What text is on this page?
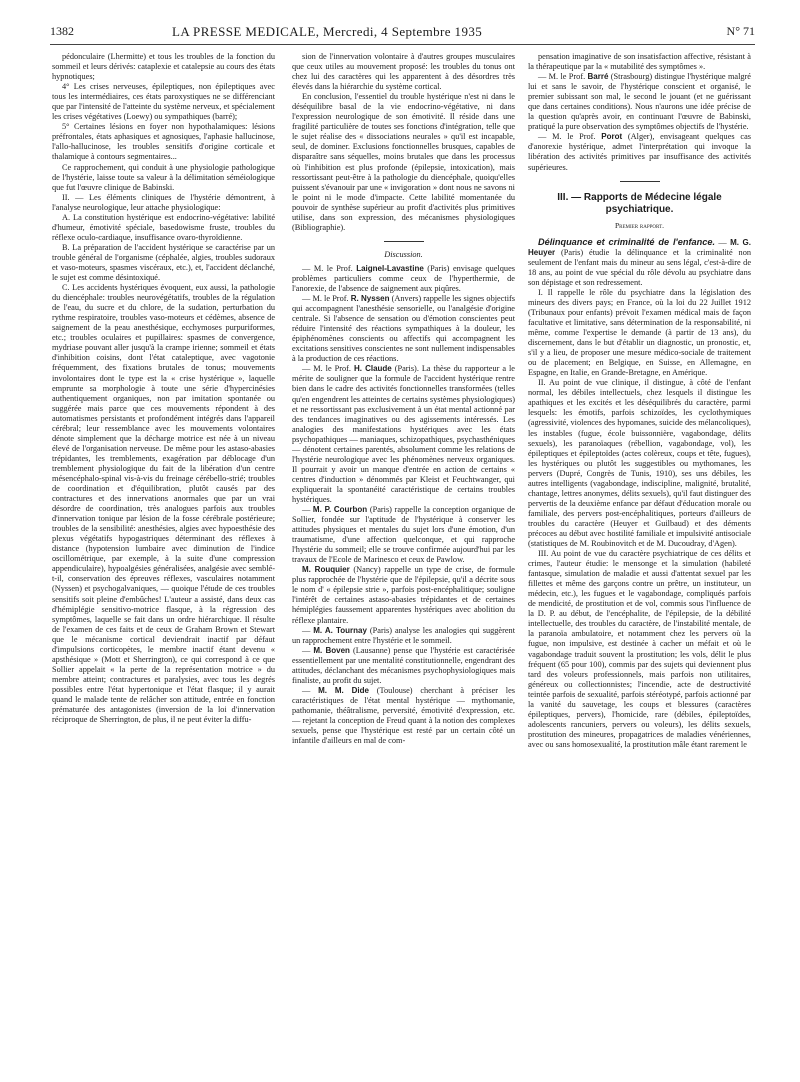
1382	LA PRESSE MEDICALE, Mercredi, 4 Septembre 1935	N° 71

pédonculaire (Lhermitte) et tous les troubles de la fonction du sommeil et leurs dérivés: cataplexie et catalepsie au cours des états hypnotiques;

4° Les crises nerveuses, épileptiques, non épileptiques avec tous les intermédiaires, ces états paroxystiques ne se différenciant que par l'intensité de l'atteinte du système nerveux, et spécialement les crises végétatives (Loewy) ou sympathiques (barré);

5° Certaines lésions en foyer non hypothalamiques: lésions préfrontales, états aphasiques et agnosiques, l'aphasie hallucinose, l'allo-hallucinose, les troubles sensitifs d'origine corticale et thalamique à contours segmentaires...

Ce rapprochement, qui conduit à une physiologie pathologique de l'hystérie, laisse toute sa valeur à la délimitation séméiologique que fut l'œuvre clinique de Babinski.

II. — Les éléments cliniques de l'hystérie démontrent, à l'analyse neurologique, leur attache physiologique:

A. La constitution hystérique est endocrino-végétative: labilité d'humeur, émotivité spéciale, basedowisme fruste, troubles du réflexe oculo-cardiaque, insuffisance ovaro-thyroïdienne.

B. La préparation de l'accident hystérique se caractérise par un trouble général de l'organisme (céphalée, algies, troubles sudoraux et vaso-moteurs, spasmes viscéraux, etc.), et, l'accident déclanché, le sujet est comme désintoxiqué.

C. Les accidents hystériques évoquent, eux aussi, la pathologie du diencéphale: troubles neurovégétatifs, troubles de la régulation de l'eau, du sucre et du chlore, de la sudation, perturbation du rythme respiratoire, troubles vaso-moteurs et cédèmes, absence de saignement de la peau anesthésique, ecchymoses purpuriformes, etc.; troubles oculaires et pupillaires: spasmes de convergence, mydriase pouvant aller jusqu'à la crampe irienne; sommeil et états d'inhibition coisins, dont l'état cataleptique, avec vagotonie fréquemment, des fixations brutales de tonus; mouvements involontaires dont le type est la « crise hystérique », laquelle emprunte sa morphologie à toute une série d'hypercinésies authentiquement organiques, non par imitation spontanée ou suggérée mais parce que ces mouvements répondent à des automatismes persistants et profondément intégrés dans l'appareil cérébral; leur ressemblance avec les mouvements volontaires dénote simplement que la décharge motrice est née à un niveau élevé de l'organisation nerveuse. De même pour les astaso-abasies trépidantes, les tremblements, exagération par déblocage d'un tremblement physiologique du fait de la libération d'un centre mésencéphalo-spinal vis-à-vis du freinage cérébello-strié; troubles de coordination et d'équilibration, plutôt causés par des contractures et des innervations anormales que par un vrai désordre de coordination, très analogues parfois aux troubles d'innervation tonique par lésion de la fosse cérébrale postérieure; troubles de la sensibilité: anesthésies, algies avec hypoesthésie des plexus végétatifs hypogastriques déterminant des réflexes à distance (hypotension lumbaire avec diminution de l'indice oscillométrique, par exemple, à la suite d'une compression appendiculaire), hypoalgésies généralisées, analgésie avec semblé-t-il, conservation des épreuves réflexes, vasculaires notamment (Nyssen) et psychogalvaniques, — quoique l'étude de ces troubles sensitifs soit pleine d'embûches! L'auteur a assisté, dans deux cas d'hémiplégie sensitivo-motrice flasque, à la régression des symptômes, laquelle se fait dans un ordre hiérarchique. Il résulte de l'examen de ces faits et de ceux de Graham Brown et Stewart que le mécanisme cortical deviendrait inactif par défaut d'impulsions corticopètes, le membre inactif étant devenu « apsthésique » (Mott et Sherrington), ce qui correspond à ce que Sollier appelait « la perte de la représentation motrice » du membre atteint; contractures et paralysies, avec tous les degrés possibles entre l'état hypertonique et l'état flasque; il y aurait quand le malade tente de relâcher son attitude, entrée en fonction prématurée des antagonistes (inversion de la loi d'innervation réciproque de Sherrington, de plus, il ne peut éviter la diffu-

sion de l'innervation volontaire à d'autres groupes musculaires que ceux utiles au mouvement proposé: les troubles du tonus ont chez lui des caractères qui les apparentent à des désordres très élevés dans la hiérarchie du système cortical.

En conclusion, l'essentiel du trouble hystérique n'est ni dans le déséquilibre basal de la vie endocrino-végétative, ni dans l'expression neurologique de son émotivité. Il réside dans une fragilité particulière de toutes ses fonctions d'intégration, telle que le sujet réalise des « dissociations neurales » qu'il est incapable, seul, de dominer. Exclusions fonctionnelles brusques, capables de disparaître sans séquelles, moins brutales que dans les processus où l'inhibition est plus profonde (épilepsie, intoxication), mais ressortissant peut-être à la pathologie du diencéphale, quoiqu'elles puissent s'évanouir par une « invigoration » dont nous ne savons ni le point ni le mode d'impacte. Cette labilité momentanée du pouvoir de synthèse supérieur au profit d'activités plus primitives utilise, dans son expression, des mécanismes physiologiques (Bibliographie).

Discussion.

— M. le Prof. Laignel-Lavastine (Paris) envisage quelques problèmes particuliers comme ceux de l'hyperthermie, de l'anorexie, de l'absence de saignement aux piqûres.

— M. le Prof. R. Nyssen (Anvers) rappelle les signes objectifs qui accompagnent l'anesthésie sensorielle, ou l'analgésie d'origine centrale. Si l'absence de sensation ou d'émotion conscientes peut réduire l'intensité des réactions sympathiques à la douleur, les épiphénomènes conscients ou affectifs qui accompagnent les excitations sensitives conscientes ne sont nullement indispensables à la production de ces réactions.

— M. le Prof. H. Claude (Paris). La thèse du rapporteur a le mérite de souligner que la formule de l'accident hystérique rentre bien dans le cadre des activités fonctionnelles transformées (telles qu'en engendrent les atteintes de certains systèmes physiologiques) et ne ressortissant pas exclusivement à un état mental actionné par des tendances imaginatives ou des agissements intéressés. Les analogies des manifestations hystériques avec les états psychopathiques — maniaques, schizopathiques, psychasthéniques — dénotent certaines parentés, absolument comme les relations de l'hystérie neurologique avec les phénomènes nerveux organiques. Il pourrait y avoir un manque d'entrée en action de certains « centres d'induction » dénommés par Kleist et Feuchtwanger, qui expliquerait la spontanéité caractéristique de certains troubles hystériques.

— M. P. Courbon (Paris) rappelle la conception organique de Sollier, fondée sur l'aptitude de l'hystérique à conserver les attitudes physiques et mentales du sujet lors d'une émotion, d'un traumatisme, d'une affection quelconque, et qui rapproche l'hystérie du sommeil; elle se trouve confirmée aujourd'hui par les travaux de l'Ecole de Marinesco et ceux de Pawlow.

M. Rouquier (Nancy) rappelle un type de crise, de formule plus rapprochée de l'hystérie que de l'épilepsie, qu'il a décrite sous le nom d' « épilepsie strie », parfois post-encéphalitique; souligne l'intérêt de certaines astaso-abasies trépidantes et de certaines hémiplégies faussement apparentes hystériques avec abolition du réflexe plantaire.

— M. A. Tournay (Paris) analyse les analogies qui suggèrent un rapprochement entre l'hystérie et le sommeil.

— M. Boven (Lausanne) pense que l'hystérie est caractérisée essentiellement par une mentalité constitutionnelle, engendrant des attitudes, déclanchant des mécanismes psychophysiologiques mais finaliste, au profit du sujet.

— M. M. Dide (Toulouse) cherchant à préciser les caractéristiques de l'état mental hystérique — mythomanie, pathomanie, théâtralisme, perversité, émotivité d'expression, etc. — rejetant la conception de Freud quant à la notion des complexes sexuels, pense que l'hystérique est resté par un certain côté un infantile d'ailleurs en mal de com-

pensation imaginative de son insatisfaction affective, résistant à la thérapeutique par la « mutabilité des symptômes ».

— M. le Prof. Barré (Strasbourg) distingue l'hystérique malgré lui et sans le savoir, de l'hystérique conscient et organisé, le premier subissant son mal, le second le jouant (et ne guérissant que dans certaines conditions). Nous n'aurons une idée précise de la question qu'après avoir, en continuant l'œuvre de Babinski, pratiqué la pure observation des symptômes objectifs de l'hystérie.

— M. le Prof. Porot (Alger), envisageant quelques cas d'anorexie hystérique, admet l'interprétation qui invoque la libération des activités primitives par insuffisance des activités supérieures.

III. — Rapports de Médecine légale psychiatrique.

Premier rapport.

Délinquance et criminalité de l'enfance. — M. G. Heuyer (Paris) étudie la délinquance et la criminalité non seulement de l'enfant mais du mineur au sens légal, c'est-à-dire de 18 ans, au point de vue spécial du rôle dévolu au psychiatre dans son dépistage et son redressement.

I. Il rappelle le rôle du psychiatre dans la législation des mineurs des divers pays; en France, où la loi du 22 Juillet 1912 (Tribunaux pour enfants) prévoit l'examen médical mais de façon facultative et limitative, sans détermination de la responsabilité, ni même, comme l'expertise le demande (à partir de 13 ans), du discernement, dans le but d'établir un diagnostic, un pronostic, et, s'il y a lieu, de proposer une mesure médico-sociale de traitement ou de placement; en Belgique, en Suisse, en Allemagne, en Espagne, en Italie, en Grande-Bretagne, en Amérique.

II. Au point de vue clinique, il distingue, à côté de l'enfant normal, les débiles intellectuels, chez lesquels il distingue les apathiques et les excités et les déséquilibrés du caractère, parmi lesquels: les émotifs, parfois schizoïdes, les cyclothymiques (agressivité, violences des hypomanes, suicide des mélancoliques), les instables (fugue, école buissonnière, vagabondage, délits sexuels), les paranoïaques (rébellion, vagabondage, vol), les épileptiques et épileptoïdes (actes colèreux, coups et tête, fugues), les hystériques ou plutôt les suggestibles ou mythomanes, les pervers (Dupré, Congrès de Tunis, 1910), ses uns débiles, les autres intelligents (vagabondage, indiscipline, malignité, brutalité, chantage, lettres anonymes, délits sexuels), qu'il faut distinguer des pervertis de la deuxième enfance par défaut d'éducation morale ou familiale, des pervers post-encéphalitiques, porteurs d'ailleurs de troubles du caractère (Heuyer et Guilbaud) et des déments précoces au début avec hostilité familiale et impulsivité antisociale (statistiques de M. Roubinovitch et de M. Ducoudray, d'Agen).

III. Au point de vue du caractère psychiatrique de ces délits et crimes, l'auteur étudie: le mensonge et la simulation (habileté fantasque, simulation de maladie et aussi d'attentat sexuel par les fillettes et même des garçons contre un prêtre, un instituteur, un médecin, etc.), les fugues et le vagabondage, compliqués parfois de mendicité, de prostitution et de vol, commis sous l'influence de la D. P. au début, de l'encéphalite, de l'épilepsie, de la débilité intellectuelle, des troubles du caractère, de l'instabilité mentale, de la paranoïa ambulatoire, et notamment chez les pervers où la fugue, non impulsive, est destinée à cacher un méfait et où le vagabondage traduit souvent la prostitution; les vols, délit le plus fréquent (65 pour 100), commis par des sujets qui deviennent plus tard des voleurs professionnels, mais parfois non utilitaires, généreux ou collectionnistes; l'incendie, acte de destructivité teintée parfois de sexualité, parfois stéréotypé, parfois actionné par la vanité du sauvetage, les coups et blessures (caractères épileptiques, pervers), l'homicide, rare (débiles, épileptoïdes, adolescents rancuniers, pervers ou voleurs), les délits sexuels, prostitution des mineures, propagatrices de maladies vénériennes, avec ou sans homosexualité, la prostitution mâle étant rarement le
